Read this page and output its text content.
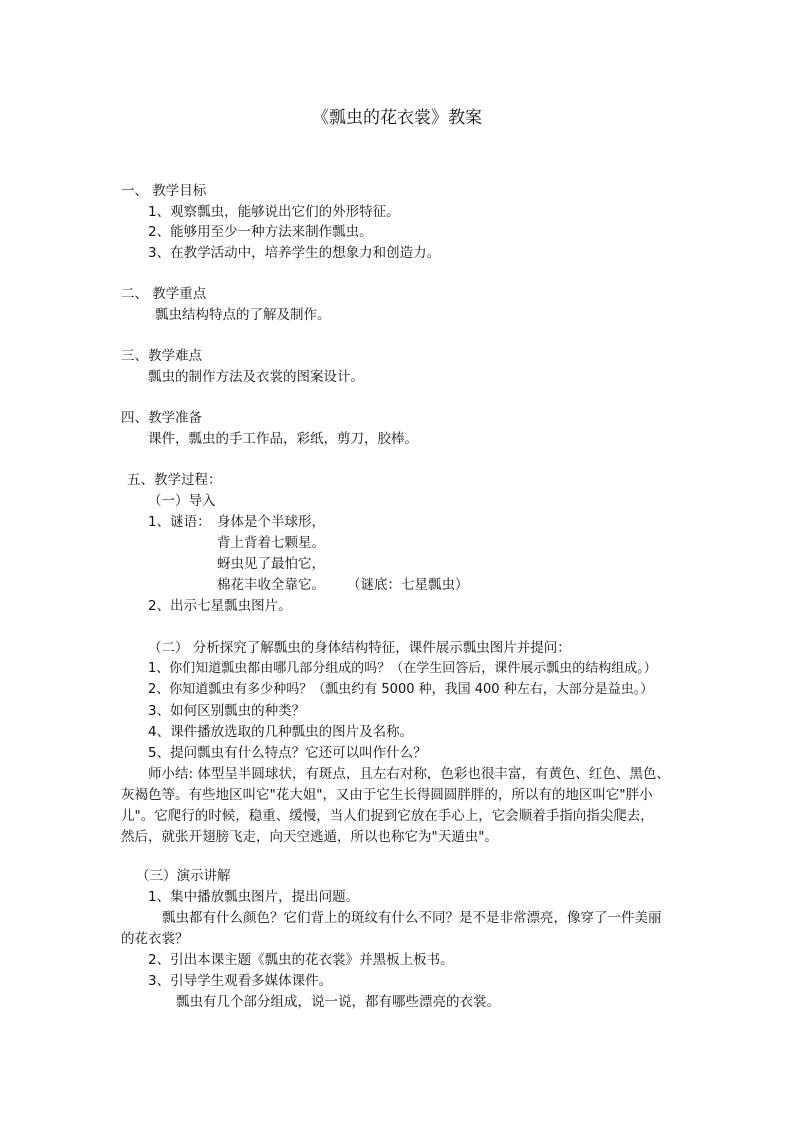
《瓢虫的花衣裳》教案
一、 教学目标
1、观察瓢虫，能够说出它们的外形特征。
2、能够用至少一种方法来制作瓢虫。
3、在教学活动中，培养学生的想象力和创造力。
二、 教学重点
瓢虫结构特点的了解及制作。
三、教学难点
瓢虫的制作方法及衣裳的图案设计。
四、教学准备
课件，瓢虫的手工作品，彩纸，剪刀，胶棒。
五、教学过程：
（一）导入
1、谜语： 身体是个半球形，
背上背着七颗星。
蚜虫见了最怕它，
棉花丰收全靠它。 （谜底：七星瓢虫）
2、出示七星瓢虫图片。
（二） 分析探究了解瓢虫的身体结构特征，课件展示瓢虫图片并提问：
1、你们知道瓢虫都由哪几部分组成的吗？（在学生回答后，课件展示瓢虫的结构组成。）
2、你知道瓢虫有多少种吗？（瓢虫约有 5000 种，我国 400 种左右，大部分是益虫。）
3、如何区别瓢虫的种类？
4、课件播放选取的几种瓢虫的图片及名称。
5、提问瓢虫有什么特点？它还可以叫作什么？
师小结: 体型呈半圆球状，有斑点，且左右对称，色彩也很丰富，有黄色、红色、黑色、
灰褐色等。有些地区叫它"花大姐"，又由于它生长得圆圆胖胖的，所以有的地区叫它"胖小
儿"。它爬行的时候，稳重、缓慢，当人们捉到它放在手心上，它会顺着手指向指尖爬去，
然后，就张开翅膀飞走，向天空逃遁，所以也称它为"天遁虫"。
（三）演示讲解
1、集中播放瓢虫图片，提出问题。
瓢虫都有什么颜色？它们背上的斑纹有什么不同？是不是非常漂亮，像穿了一件美丽
的花衣裳？
2、引出本课主题《瓢虫的花衣裳》并黑板上板书。
3、引导学生观看多媒体课件。
瓢虫有几个部分组成，说一说，都有哪些漂亮的衣裳。
